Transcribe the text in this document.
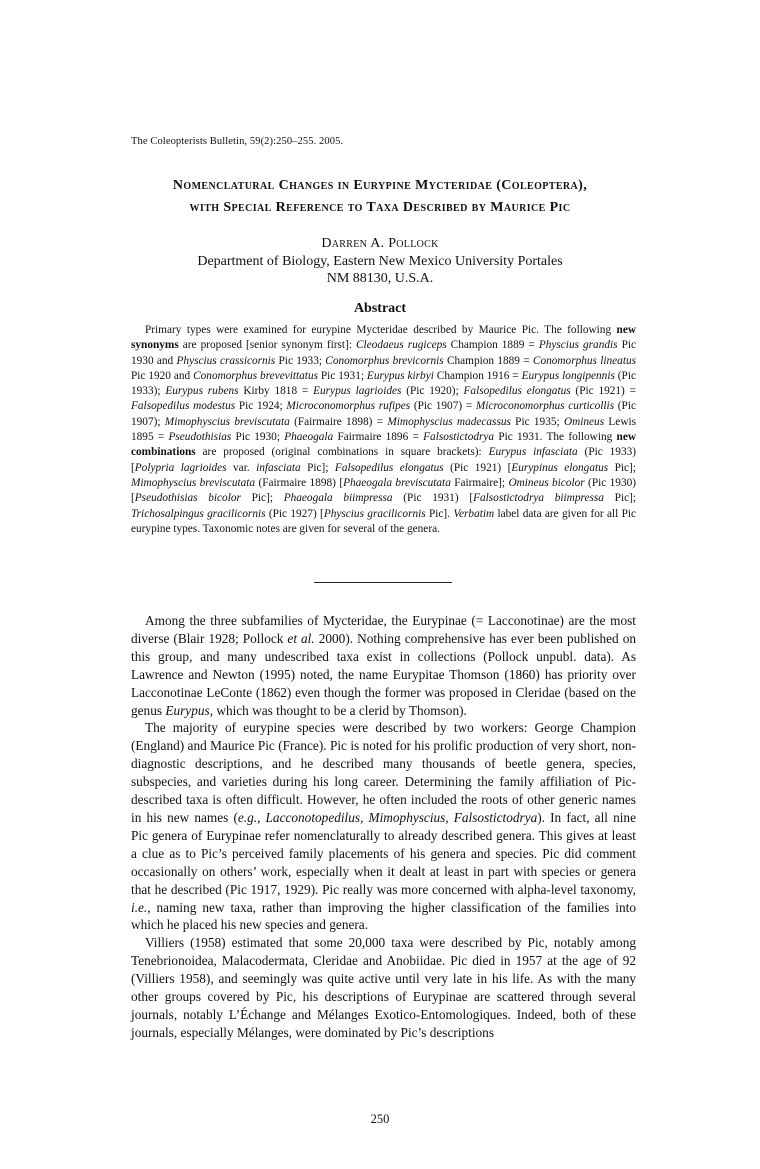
The Coleopterists Bulletin, 59(2):250–255. 2005.
Nomenclatural Changes in Eurypine Mycteridae (Coleoptera),
with Special Reference to Taxa Described by Maurice Pic
Darren A. Pollock
Department of Biology, Eastern New Mexico University Portales
NM 88130, U.S.A.
Abstract

Primary types were examined for eurypine Mycteridae described by Maurice Pic. The following new synonyms are proposed [senior synonym first]: Cleodaeus rugiceps Champion 1889 = Physcius grandis Pic 1930 and Physcius crassicornis Pic 1933; Conomorphus brevicornis Champion 1889 = Conomorphus lineatus Pic 1920 and Conomorphus brevevittatus Pic 1931; Eurypus kirbyi Champion 1916 = Eurypus longipennis (Pic 1933); Eurypus rubens Kirby 1818 = Eurypus lagrioides (Pic 1920); Falsopedilus elongatus (Pic 1921) = Falsopedilus modestus Pic 1924; Microconomorphus rufipes (Pic 1907) = Microconomorphus curticollis (Pic 1907); Mimophyscius breviscutata (Fairmaire 1898) = Mimophyscius madecassus Pic 1935; Omineus Lewis 1895 = Pseudothisias Pic 1930; Phaeogala Fairmaire 1896 = Falsostictodrya Pic 1931. The following new combinations are proposed (original combinations in square brackets): Eurypus infasciata (Pic 1933) [Polypria lagrioides var. infasciata Pic]; Falsopedilus elongatus (Pic 1921) [Eurypinus elongatus Pic]; Mimophyscius breviscutata (Fairmaire 1898) [Phaeogala breviscutata Fairmaire]; Omineus bicolor (Pic 1930) [Pseudothisias bicolor Pic]; Phaeogala biimpressa (Pic 1931) [Falsostictodrya biimpressa Pic]; Trichosalpingus gracilicornis (Pic 1927) [Physcius gracilicornis Pic]. Verbatim label data are given for all Pic eurypine types. Taxonomic notes are given for several of the genera.

Among the three subfamilies of Mycteridae, the Eurypinae (= Lacconotinae) are the most diverse (Blair 1928; Pollock et al. 2000). Nothing comprehensive has ever been published on this group, and many undescribed taxa exist in collections (Pollock unpubl. data). As Lawrence and Newton (1995) noted, the name Eurypitae Thomson (1860) has priority over Lacconotinae LeConte (1862) even though the former was proposed in Cleridae (based on the genus Eurypus, which was thought to be a clerid by Thomson).

The majority of eurypine species were described by two workers: George Champion (England) and Maurice Pic (France). Pic is noted for his prolific production of very short, non-diagnostic descriptions, and he described many thousands of beetle genera, species, subspecies, and varieties during his long career. Determining the family affiliation of Pic-described taxa is often difficult. However, he often included the roots of other generic names in his new names (e.g., Lacconotopedilus, Mimophyscius, Falsostictodrya). In fact, all nine Pic genera of Eurypinae refer nomenclaturally to already described genera. This gives at least a clue as to Pic’s perceived family placements of his genera and species. Pic did comment occasionally on others’ work, especially when it dealt at least in part with species or genera that he described (Pic 1917, 1929). Pic really was more concerned with alpha-level taxonomy, i.e., naming new taxa, rather than improving the higher classification of the families into which he placed his new species and genera.

Villiers (1958) estimated that some 20,000 taxa were described by Pic, notably among Tenebrionoidea, Malacodermata, Cleridae and Anobiidae. Pic died in 1957 at the age of 92 (Villiers 1958), and seemingly was quite active until very late in his life. As with the many other groups covered by Pic, his descriptions of Eurypinae are scattered through several journals, notably L’Échange and Mélanges Exotico-Entomologiques. Indeed, both of these journals, especially Mélanges, were dominated by Pic’s descriptions

250
